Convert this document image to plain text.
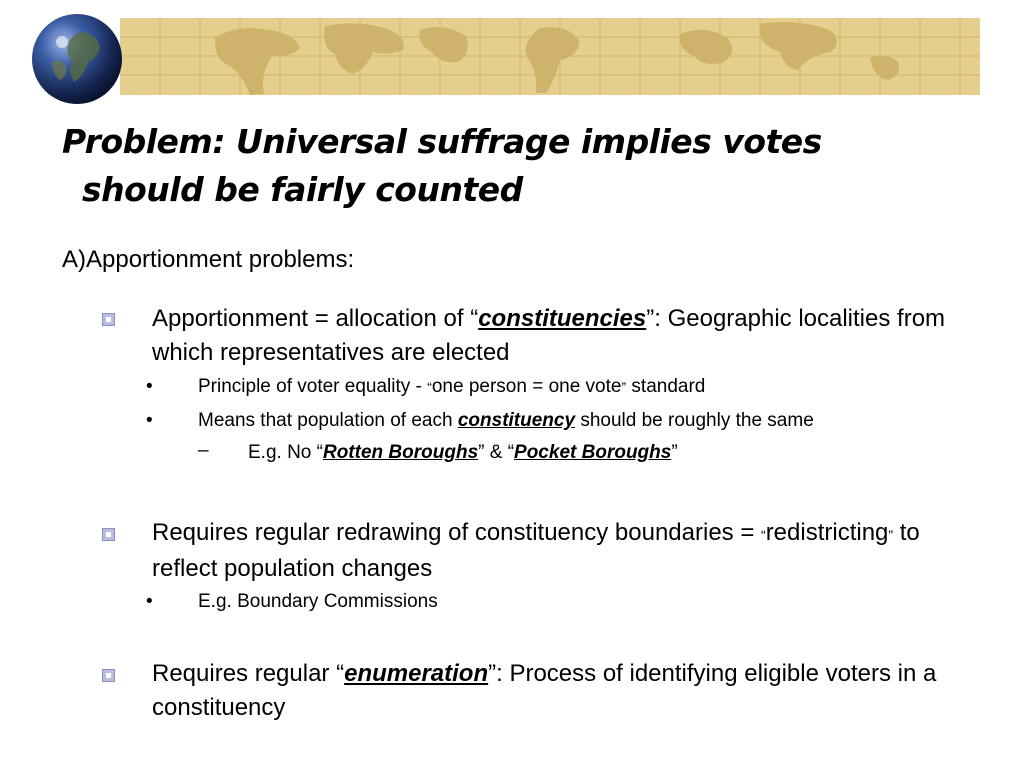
Problem: Universal suffrage implies votes
should be fairly counted
A)Apportionment problems:
Apportionment = allocation of “constituencies”: Geographic localities from which representatives are elected
• Principle of voter equality - “one person = one vote” standard
• Means that population of each constituency should be roughly the same
– E.g. No “Rotten Boroughs” & “Pocket Boroughs”
Requires regular redrawing of constituency boundaries = “redistricting” to reflect population changes
• E.g. Boundary Commissions
Requires regular “enumeration”: Process of identifying eligible voters in a constituency
